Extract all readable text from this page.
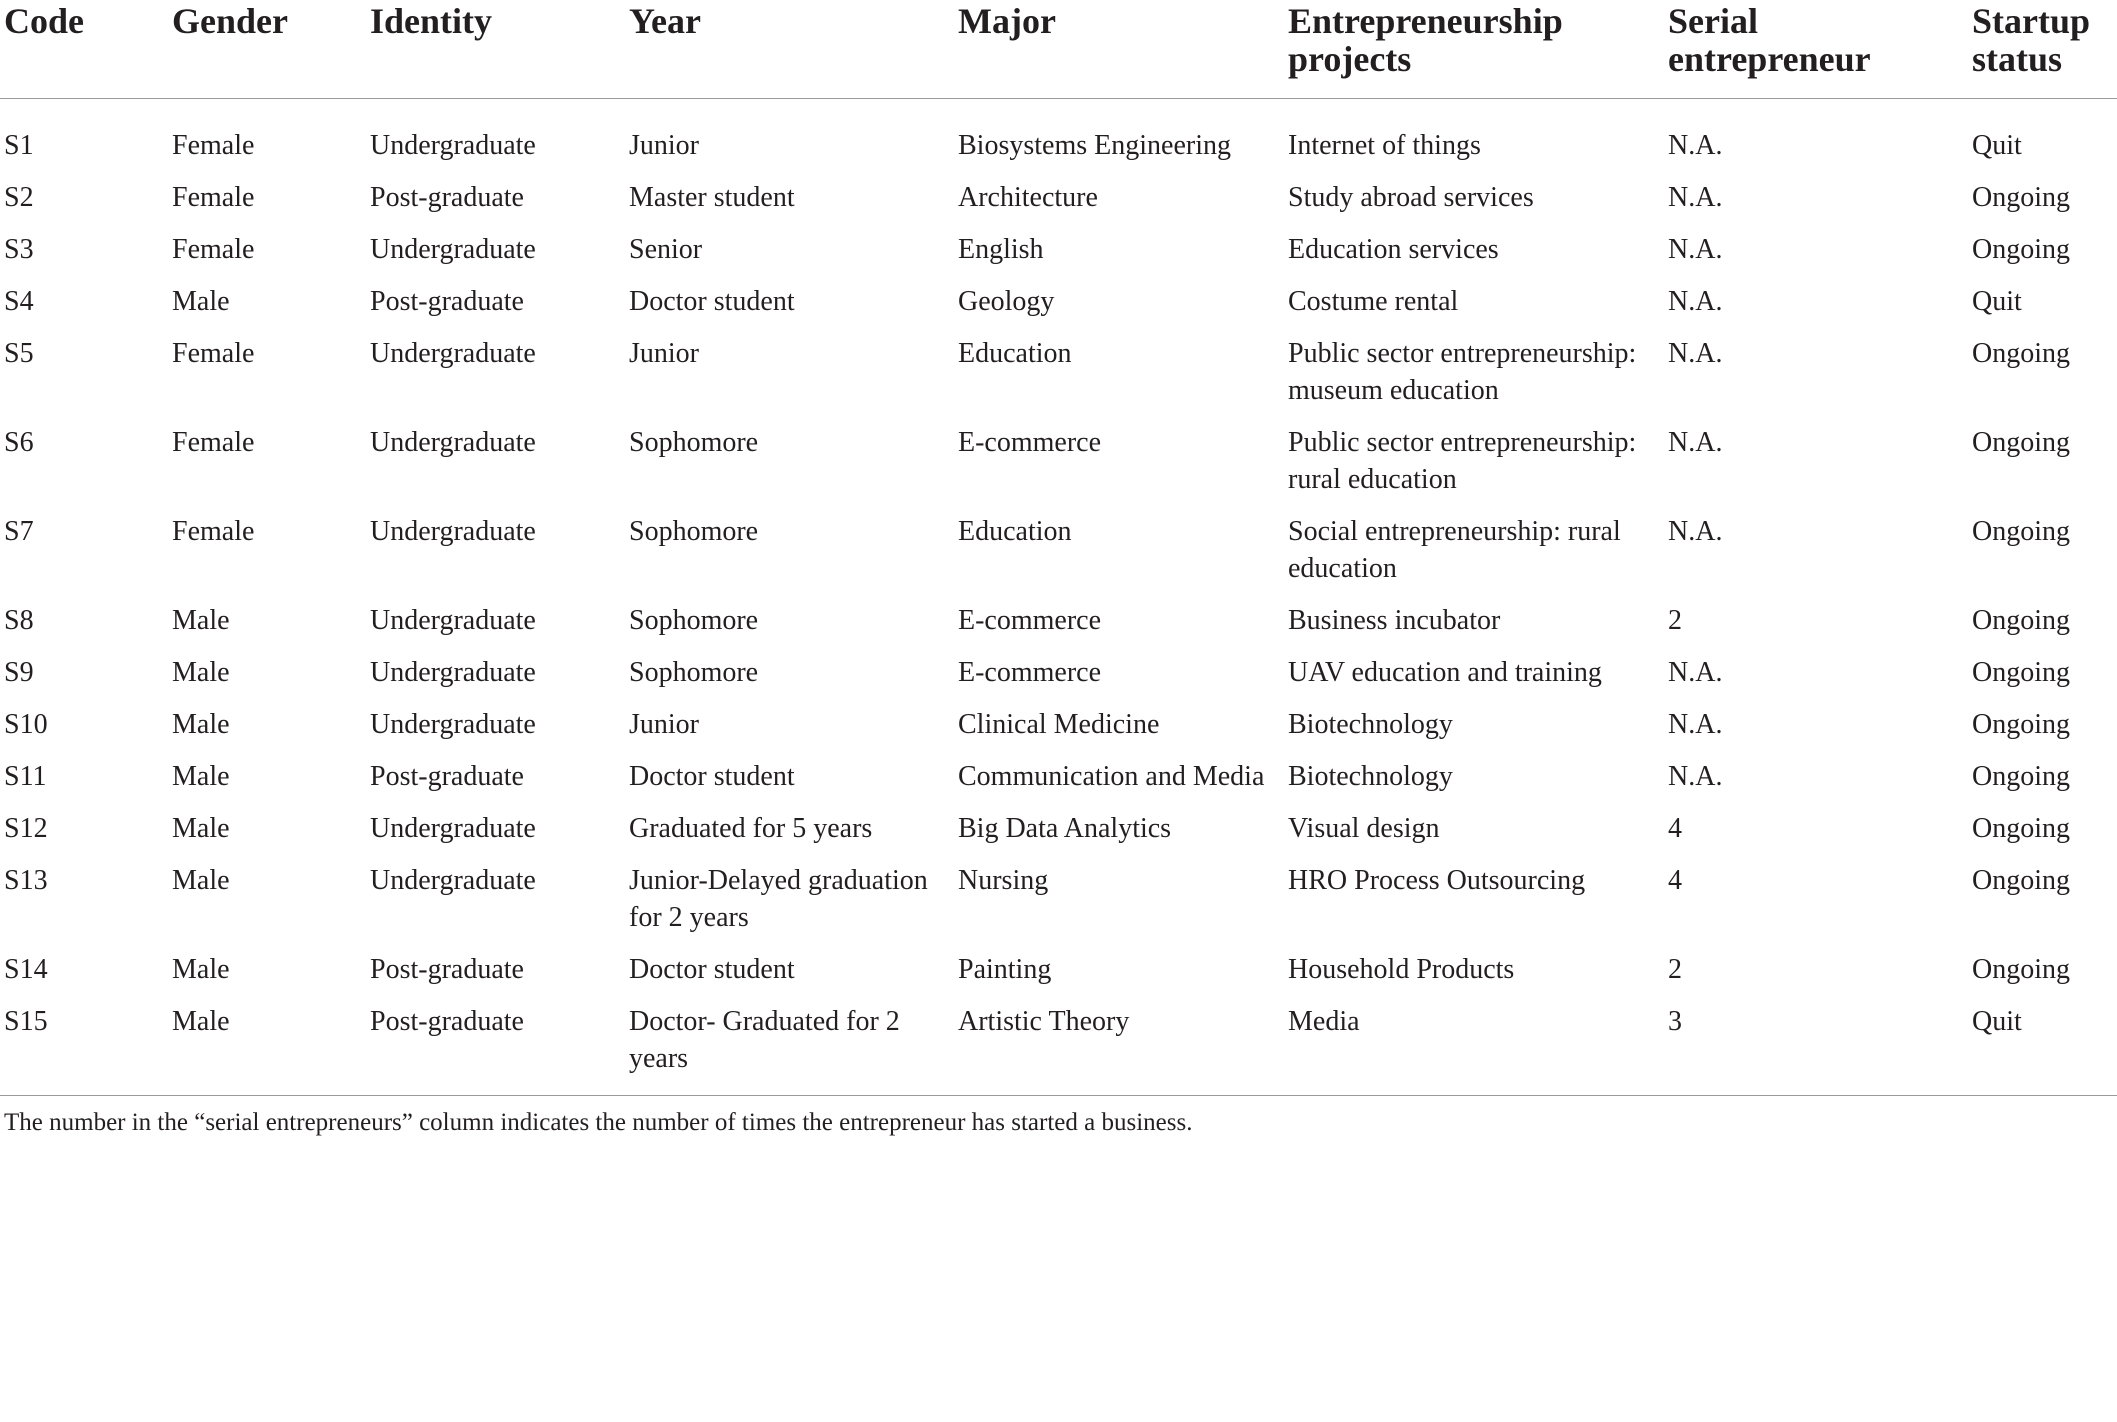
Code	Gender	Identity	Year	Major	Entrepreneurship projects	Serial entrepreneur	Startup status
S1	Female	Undergraduate	Junior	Biosystems Engineering	Internet of things	N.A.	Quit
S2	Female	Post-graduate	Master student	Architecture	Study abroad services	N.A.	Ongoing
S3	Female	Undergraduate	Senior	English	Education services	N.A.	Ongoing
S4	Male	Post-graduate	Doctor student	Geology	Costume rental	N.A.	Quit
S5	Female	Undergraduate	Junior	Education	Public sector entrepreneurship: museum education	N.A.	Ongoing
S6	Female	Undergraduate	Sophomore	E-commerce	Public sector entrepreneurship: rural education	N.A.	Ongoing
S7	Female	Undergraduate	Sophomore	Education	Social entrepreneurship: rural education	N.A.	Ongoing
S8	Male	Undergraduate	Sophomore	E-commerce	Business incubator	2	Ongoing
S9	Male	Undergraduate	Sophomore	E-commerce	UAV education and training	N.A.	Ongoing
S10	Male	Undergraduate	Junior	Clinical Medicine	Biotechnology	N.A.	Ongoing
S11	Male	Post-graduate	Doctor student	Communication and Media	Biotechnology	N.A.	Ongoing
S12	Male	Undergraduate	Graduated for 5 years	Big Data Analytics	Visual design	4	Ongoing
S13	Male	Undergraduate	Junior-Delayed graduation for 2 years	Nursing	HRO Process Outsourcing	4	Ongoing
S14	Male	Post-graduate	Doctor student	Painting	Household Products	2	Ongoing
S15	Male	Post-graduate	Doctor- Graduated for 2 years	Artistic Theory	Media	3	Quit
The number in the “serial entrepreneurs” column indicates the number of times the entrepreneur has started a business.
